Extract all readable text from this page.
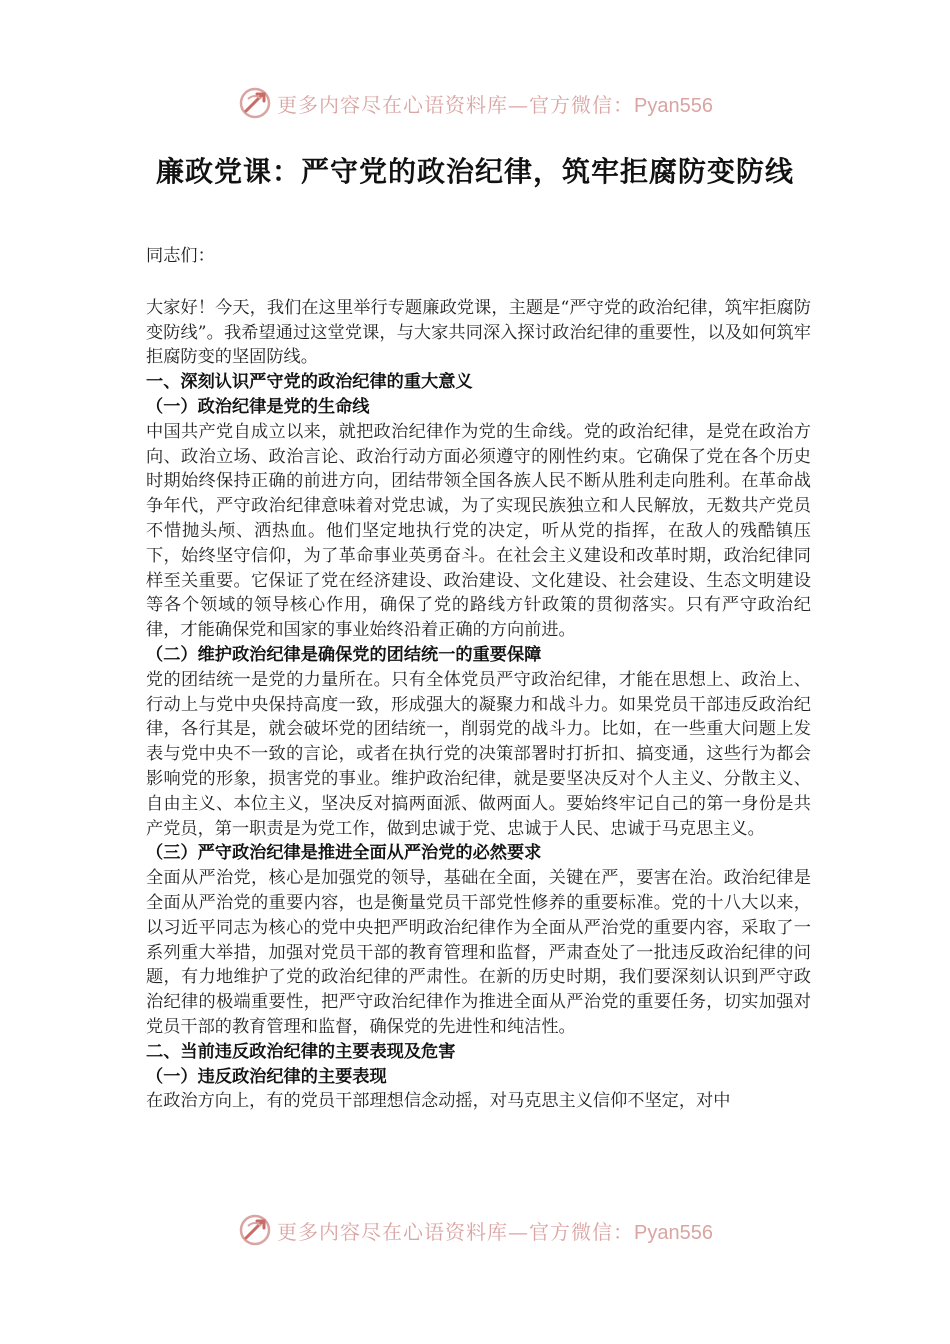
更多内容尽在心语资料库—官方微信：Pyan556
廉政党课：严守党的政治纪律，筑牢拒腐防变防线

同志们：

大家好！今天，我们在这里举行专题廉政党课，主题是“严守党的政治纪律，筑牢拒腐防变防线”。我希望通过这堂党课，与大家共同深入探讨政治纪律的重要性，以及如何筑牢拒腐防变的坚固防线。

一、深刻认识严守党的政治纪律的重大意义
（一）政治纪律是党的生命线

中国共产党自成立以来，就把政治纪律作为党的生命线。党的政治纪律，是党在政治方向、政治立场、政治言论、政治行动方面必须遵守的刚性约束。它确保了党在各个历史时期始终保持正确的前进方向，团结带领全国各族人民不断从胜利走向胜利。在革命战争年代，严守政治纪律意味着对党忠诚，为了实现民族独立和人民解放，无数共产党员不惜抛头颅、洒热血。他们坚定地执行党的决定，听从党的指挥，在敌人的残酷镇压下，始终坚守信仰，为了革命事业英勇奋斗。在社会主义建设和改革时期，政治纪律同样至关重要。它保证了党在经济建设、政治建设、文化建设、社会建设、生态文明建设等各个领域的领导核心作用，确保了党的路线方针政策的贯彻落实。只有严守政治纪律，才能确保党和国家的事业始终沿着正确的方向前进。

（二）维护政治纪律是确保党的团结统一的重要保障

党的团结统一是党的力量所在。只有全体党员严守政治纪律，才能在思想上、政治上、行动上与党中央保持高度一致，形成强大的凝聚力和战斗力。如果党员干部违反政治纪律，各行其是，就会破坏党的团结统一，削弱党的战斗力。比如，在一些重大问题上发表与党中央不一致的言论，或者在执行党的决策部署时打折扣、搞变通，这些行为都会影响党的形象，损害党的事业。维护政治纪律，就是要坚决反对个人主义、分散主义、自由主义、本位主义，坚决反对搞两面派、做两面人。要始终牢记自己的第一身份是共产党员，第一职责是为党工作，做到忠诚于党、忠诚于人民、忠诚于马克思主义。

（三）严守政治纪律是推进全面从严治党的必然要求

全面从严治党，核心是加强党的领导，基础在全面，关键在严，要害在治。政治纪律是全面从严治党的重要内容，也是衡量党员干部党性修养的重要标准。党的十八大以来，以习近平同志为核心的党中央把严明政治纪律作为全面从严治党的重要内容，采取了一系列重大举措，加强对党员干部的教育管理和监督，严肃查处了一批违反政治纪律的问题，有力地维护了党的政治纪律的严肃性。在新的历史时期，我们要深刻认识到严守政治纪律的极端重要性，把严守政治纪律作为推进全面从严治党的重要任务，切实加强对党员干部的教育管理和监督，确保党的先进性和纯洁性。

二、当前违反政治纪律的主要表现及危害
（一）违反政治纪律的主要表现

在政治方向上，有的党员干部理想信念动摇，对马克思主义信仰不坚定，对中

更多内容尽在心语资料库—官方微信：Pyan556
